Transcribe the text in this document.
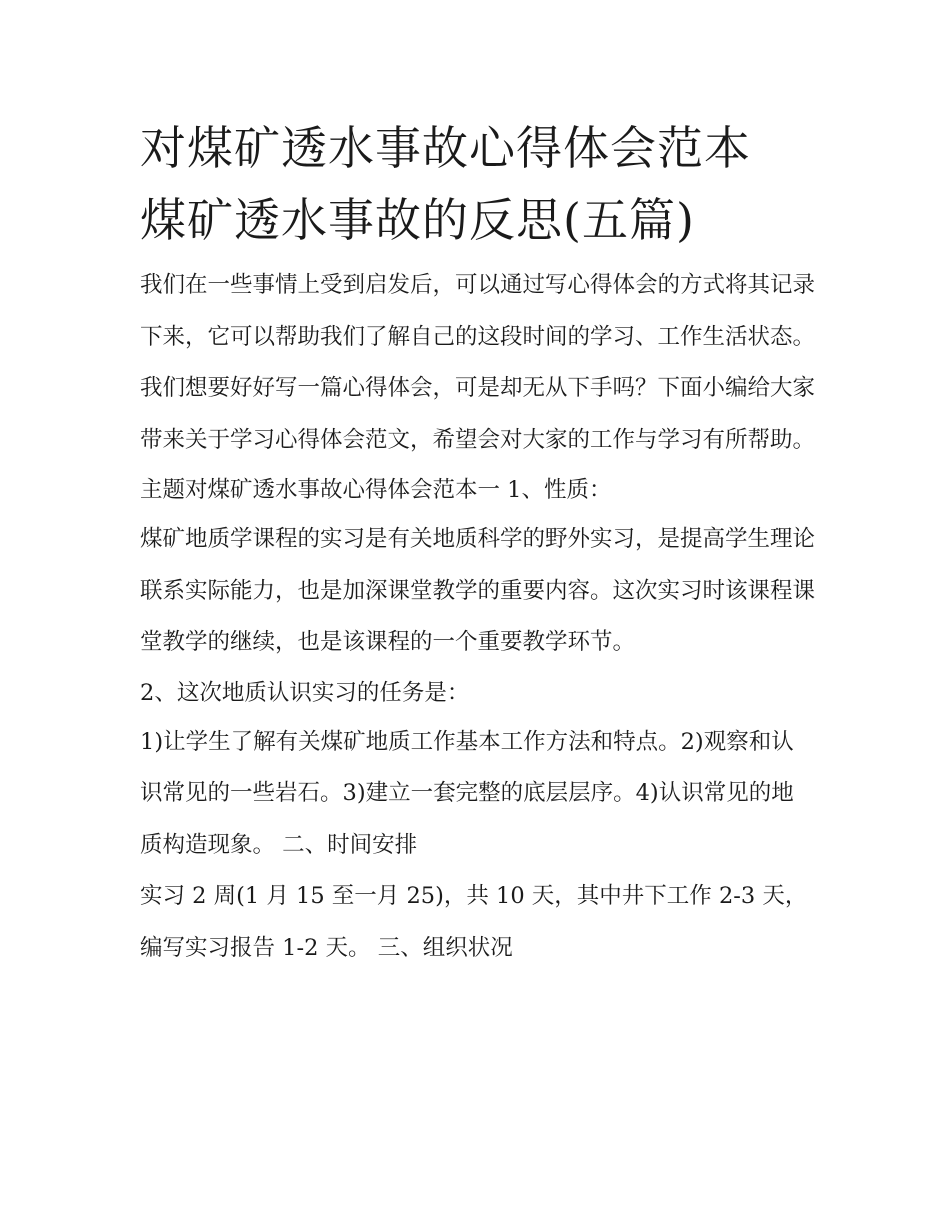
对煤矿透水事故心得体会范本
煤矿透水事故的反思(五篇)

我们在一些事情上受到启发后，可以通过写心得体会的方式将其记录下来，它可以帮助我们了解自己的这段时间的学习、工作生活状态。我们想要好好写一篇心得体会，可是却无从下手吗？下面小编给大家带来关于学习心得体会范文，希望会对大家的工作与学习有所帮助。

主题对煤矿透水事故心得体会范本一 1、性质：

煤矿地质学课程的实习是有关地质科学的野外实习，是提高学生理论联系实际能力，也是加深课堂教学的重要内容。这次实习时该课程课堂教学的继续，也是该课程的一个重要教学环节。

2、这次地质认识实习的任务是：

1)让学生了解有关煤矿地质工作基本工作方法和特点。2)观察和认识常见的一些岩石。3)建立一套完整的底层层序。4)认识常见的地质构造现象。 二、时间安排

实习 2 周(1 月 15 至一月 25)，共 10 天，其中井下工作 2-3 天，编写实习报告 1-2 天。 三、组织状况
